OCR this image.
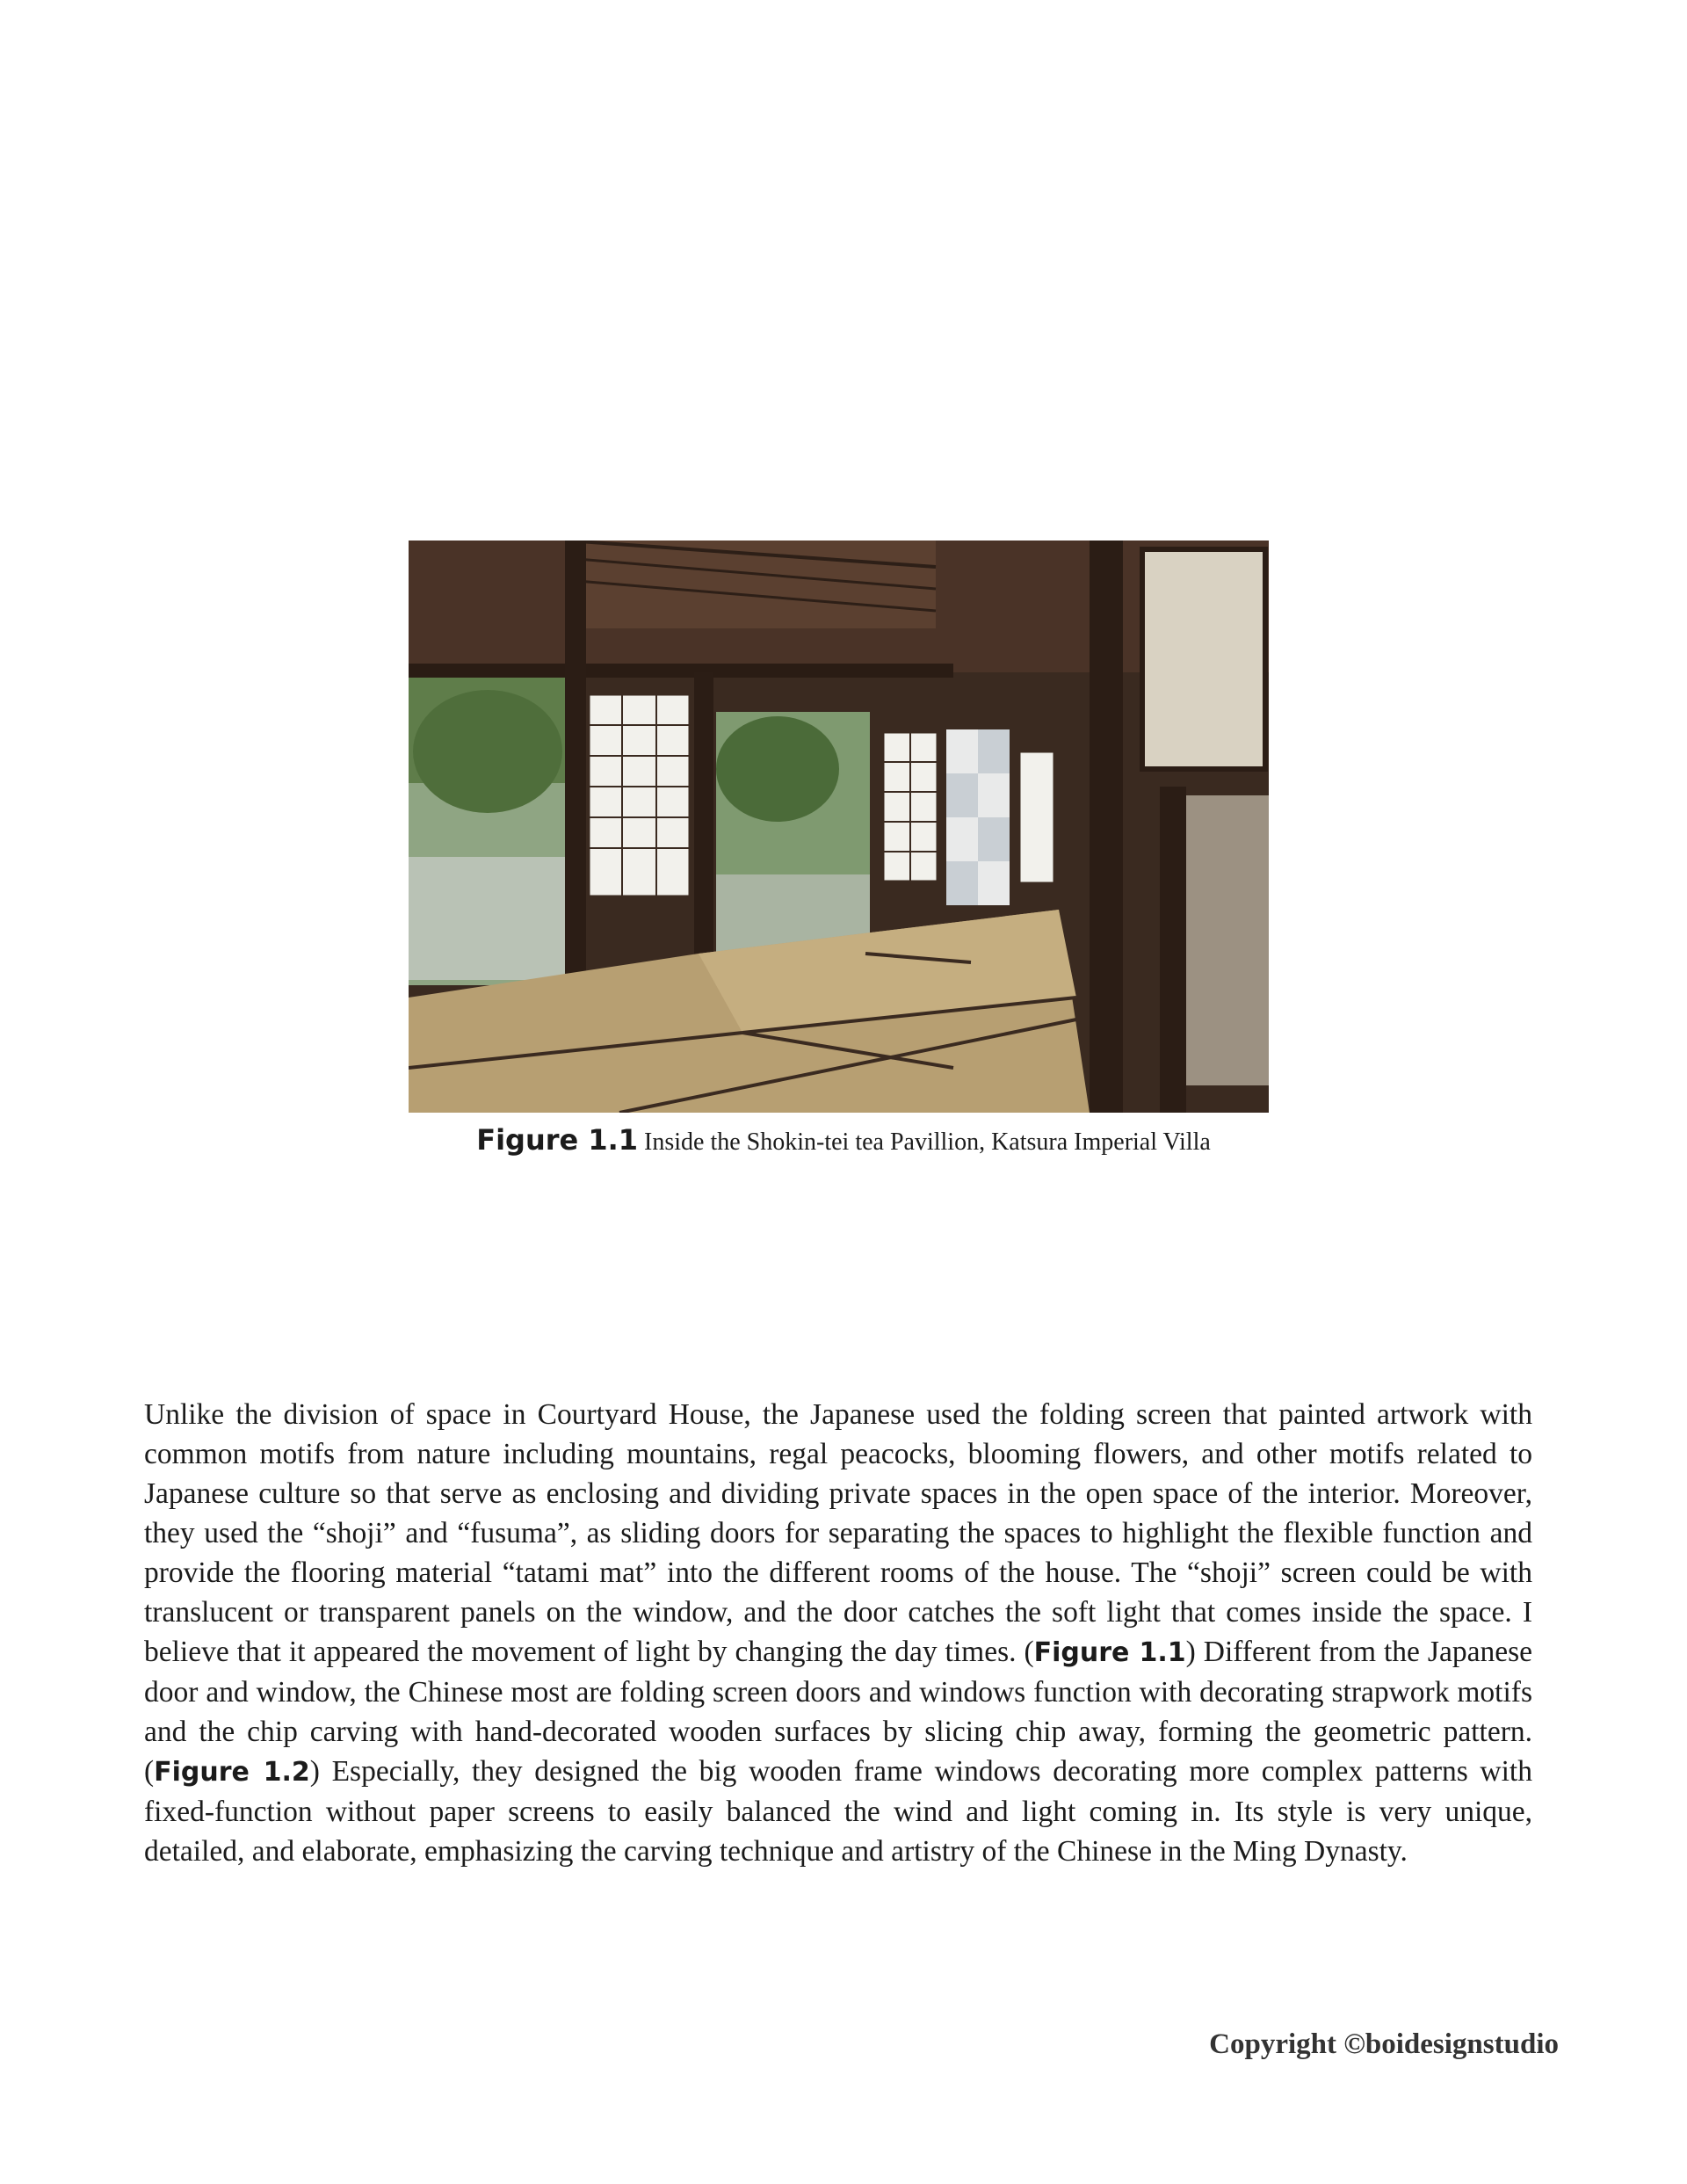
Figure 1.1 Inside the Shokin-tei tea Pavillion, Katsura Imperial Villa
Unlike the division of space in Courtyard House, the Japanese used the folding screen that painted artwork with common motifs from nature including mountains, regal peacocks, blooming flowers, and other motifs related to Japanese culture so that serve as enclosing and dividing private spaces in the open space of the interior. Moreover, they used the “shoji” and “fusuma”, as sliding doors for separating the spaces to highlight the flexible function and provide the flooring material “tatami mat” into the different rooms of the house. The “shoji” screen could be with translucent or transparent panels on the window, and the door catches the soft light that comes inside the space. I believe that it appeared the movement of light by changing the day times. (Figure 1.1) Different from the Japanese door and window, the Chinese most are folding screen doors and windows function with decorating strapwork motifs and the chip carving with hand-decorated wooden surfaces by slicing chip away, forming the geometric pattern. (Figure 1.2) Especially, they designed the big wooden frame windows decorating more complex patterns with fixed-function without paper screens to easily balanced the wind and light coming in. Its style is very unique, detailed, and elaborate, emphasizing the carving technique and artistry of the Chinese in the Ming Dynasty.
Copyright ©boidesignstudio
